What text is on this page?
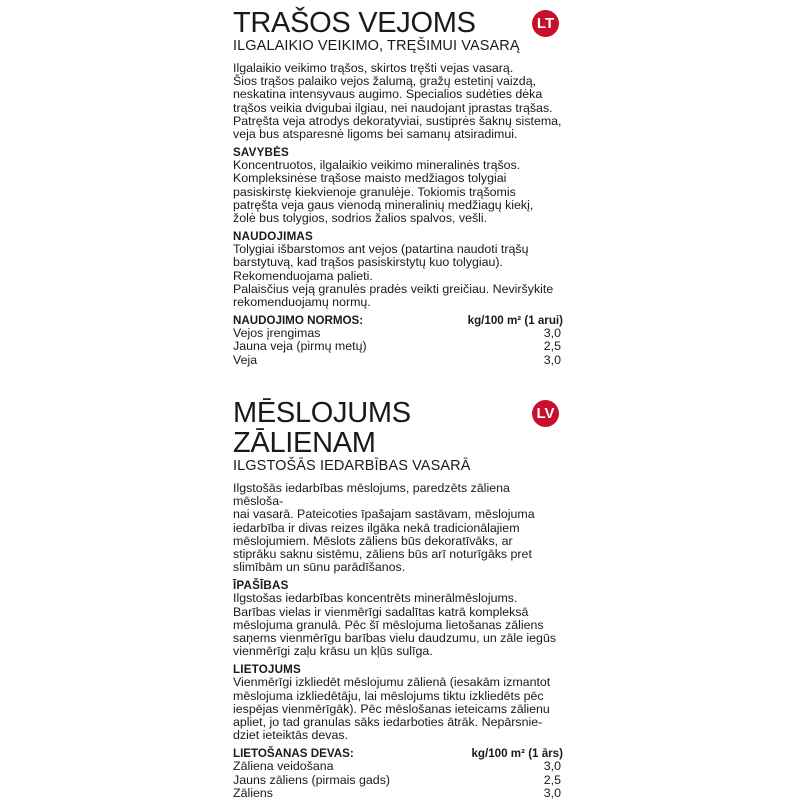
LT
TRAŠOS VEJOMS
ILGALAIKIO VEIKIMO, TRĘŠIMUI VASARĄ

Ilgalaikio veikimo trąšos, skirtos tręšti vejas vasarą.
Šios trąšos palaiko vejos žalumą, gražų estetinį vaizdą,
neskatina intensyvaus augimo. Specialios sudėties dėka
trąšos veikia dvigubai ilgiau, nei naudojant įprastas trąšas.
Patręšta veja atrodys dekoratyviai, sustiprės šaknų sistema,
veja bus atsparesnė ligoms bei samanų atsiradimui.

SAVYBĖS

Koncentruotos, ilgalaikio veikimo mineralinės trąšos.
Kompleksinėse trąšose maisto medžiagos tolygiai
pasiskirstę kiekvienoje granulėje. Tokiomis trąšomis
patręšta veja gaus vienodą mineralinių medžiagų kiekį,
žolė bus tolygios, sodrios žalios spalvos, vešli.

NAUDOJIMAS

Tolygiai išbarstomos ant vejos (patartina naudoti trąšų
barstytuvą, kad trąšos pasiskirstytų kuo tolygiau).
Rekomenduojama palieti.
Palaisčius veją granulės pradės veikti greičiau. Neviršykite
rekomenduojamų normų.

NAUDOJIMO NORMOS:	kg/100 m² (1 arui)
Vejos įrengimas	3,0
Jauna veja (pirmų metų)	2,5
Veja	3,0
LV
MĒSLOJUMS
ZĀLIENAM
ILGSTOŠĀS IEDARBĪBAS VASARĀ

Ilgstošās iedarbības mēslojums, paredzēts zāliena mēsloša-
nai vasarā. Pateicoties īpašajam sastāvam, mēslojuma
iedarbība ir divas reizes ilgāka nekā tradicionālajiem
mēslojumiem. Mēslots zāliens būs dekoratīvāks, ar
stiprāku saknu sistēmu, zāliens būs arī noturīgāks pret
slimībām un sūnu parādīšanos.

ĪPAŠĪBAS

Ilgstošas iedarbības koncentrēts minerālmēslojums.
Barības vielas ir vienmērīgi sadalītas katrā kompleksā
mēslojuma granulā. Pēc šī mēslojuma lietošanas zāliens
saņems vienmērīgu barības vielu daudzumu, un zāle iegūs
vienmērīgi zaļu krāsu un kļūs sulīga.

LIETOJUMS

Vienmērīgi izkliedēt mēslojumu zālienā (iesakām izmantot
mēslojuma izkliedētāju, lai mēslojums tiktu izkliedēts pēc
iespējas vienmērīgāk). Pēc mēslošanas ieteicams zālienu
apliet, jo tad granulas sāks iedarboties ātrāk. Nepārsnie-
dziet ieteiktās devas.

LIETOŠANAS DEVAS:	kg/100 m² (1 ārs)
Zāliena veidošana	3,0
Jauns zāliens (pirmais gads)	2,5
Zāliens	3,0
